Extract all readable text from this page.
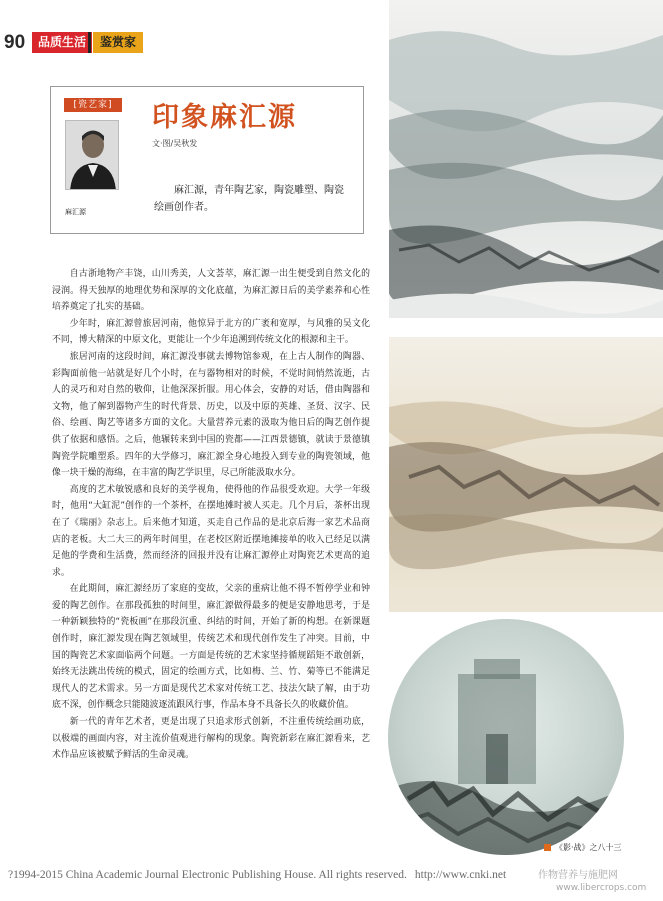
90	品质生活	鉴赏家
[瓷艺家]
麻汇源
印象麻汇源
文·图/吴秋发
麻汇源，青年陶艺家，陶瓷雕塑、陶瓷绘画创作者。

自古浙地物产丰饶，山川秀美，人文荟萃，麻汇源一出生便受到自然文化的浸润。得天独厚的地理优势和深厚的文化底蕴，为麻汇源日后的美学素养和心性培养奠定了扎实的基础。

少年时，麻汇源曾旅居河南，他惊异于北方的广袤和宽厚，与风雅的吴文化不同，博大精深的中原文化，更能让一个少年追溯到传统文化的根源和主干。

旅居河南的这段时间，麻汇源没事就去博物馆参观，在上古人制作的陶器、彩陶面前他一站就是好几个小时，在与器物相对的时候，不觉时间悄然流逝，古人的灵巧和对自然的敬仰，让他深深折服。用心体会，安静的对话，借由陶器和文物，他了解到器物产生的时代背景、历史，以及中原的英雄、圣贤、汉字、民俗、绘画、陶艺等诸多方面的文化。大量营养元素的汲取为他日后的陶艺创作提供了依据和感悟。之后，他辗转来到中国的瓷都——江西景德镇，就读于景德镇陶瓷学院雕塑系。四年的大学修习，麻汇源全身心地投入到专业的陶瓷领域，他像一块干燥的海绵，在丰富的陶艺学识里，尽己所能汲取水分。

高度的艺术敏锐感和良好的美学视角，使得他的作品很受欢迎。大学一年级时，他用“大缸泥”创作的一个茶杯，在摆地摊时被人买走。几个月后，茶杯出现在了《瑞丽》杂志上。后来他才知道，买走自己作品的是北京后海一家艺术品商店的老板。大二大三的两年时间里，在老校区附近摆地摊接单的收入已经足以满足他的学费和生活费，然而经济的回报并没有让麻汇源停止对陶瓷艺术更高的追求。

在此期间，麻汇源经历了家庭的变故，父亲的重病让他不得不暂停学业和钟爱的陶艺创作。在那段孤独的时间里，麻汇源做得最多的便是安静地思考，于是一种新颖独特的“瓷板画”在那段沉重、纠结的时间，开始了新的构想。在新课题创作时，麻汇源发现在陶艺领域里，传统艺术和现代创作发生了冲突。目前，中国的陶瓷艺术家面临两个问题。一方面是传统的艺术家坚持循规蹈矩不敢创新，始终无法跳出传统的模式，固定的绘画方式，比如梅、兰、竹、菊等已不能满足现代人的艺术需求。另一方面是现代艺术家对传统工艺、技法欠缺了解，由于功底不深，创作概念只能随波逐流跟风行事，作品本身不具备长久的收藏价值。

新一代的青年艺术者，更是出现了只追求形式创新，不注重传统绘画功底，以极端的画面内容，对主流价值观进行解构的现象。陶瓷新彩在麻汇源看来，艺术作品应该被赋予鲜活的生命灵魂。

《影·战》之八十三
?1994-2015 China Academic Journal Electronic Publishing House. All rights reserved. http://www.cnki.net	作物营养与施肥网
www.libercrops.com
